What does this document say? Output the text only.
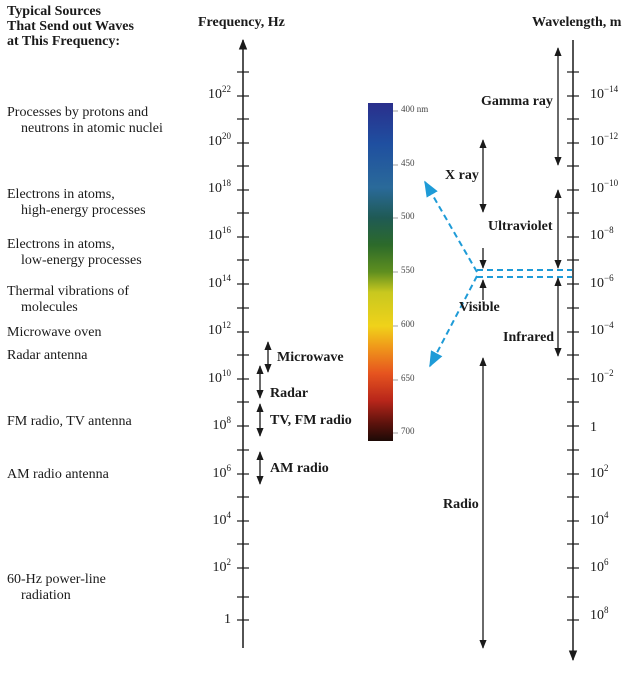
Typical Sources
That Send out Waves
at This Frequency:
Frequency, Hz	Wavelength, m
Processes by protons and
neutrons in atomic nuclei
Electrons in atoms,
high-energy processes
Electrons in atoms,
low-energy processes
Thermal vibrations of
molecules
Microwave oven
Radar antenna
FM radio, TV antenna
AM radio antenna
60-Hz power-line
radiation
$10^{22}$
$10^{20}$
$10^{18}$
$10^{16}$
$10^{14}$
$10^{12}$
$10^{10}$
$10^8$
$10^6$
$10^4$
$10^2$
1
Microwave
Radar
TV, FM radio
AM radio
400 nm
450
500
550
600
650
700
Gamma ray
X ray
Ultraviolet
Visible
Infrared
Radio
$10^{-14}$
$10^{-12}$
$10^{-10}$
$10^{-8}$
$10^{-6}$
$10^{-4}$
$10^{-2}$
1
$10^2$
$10^4$
$10^6$
$10^8$
